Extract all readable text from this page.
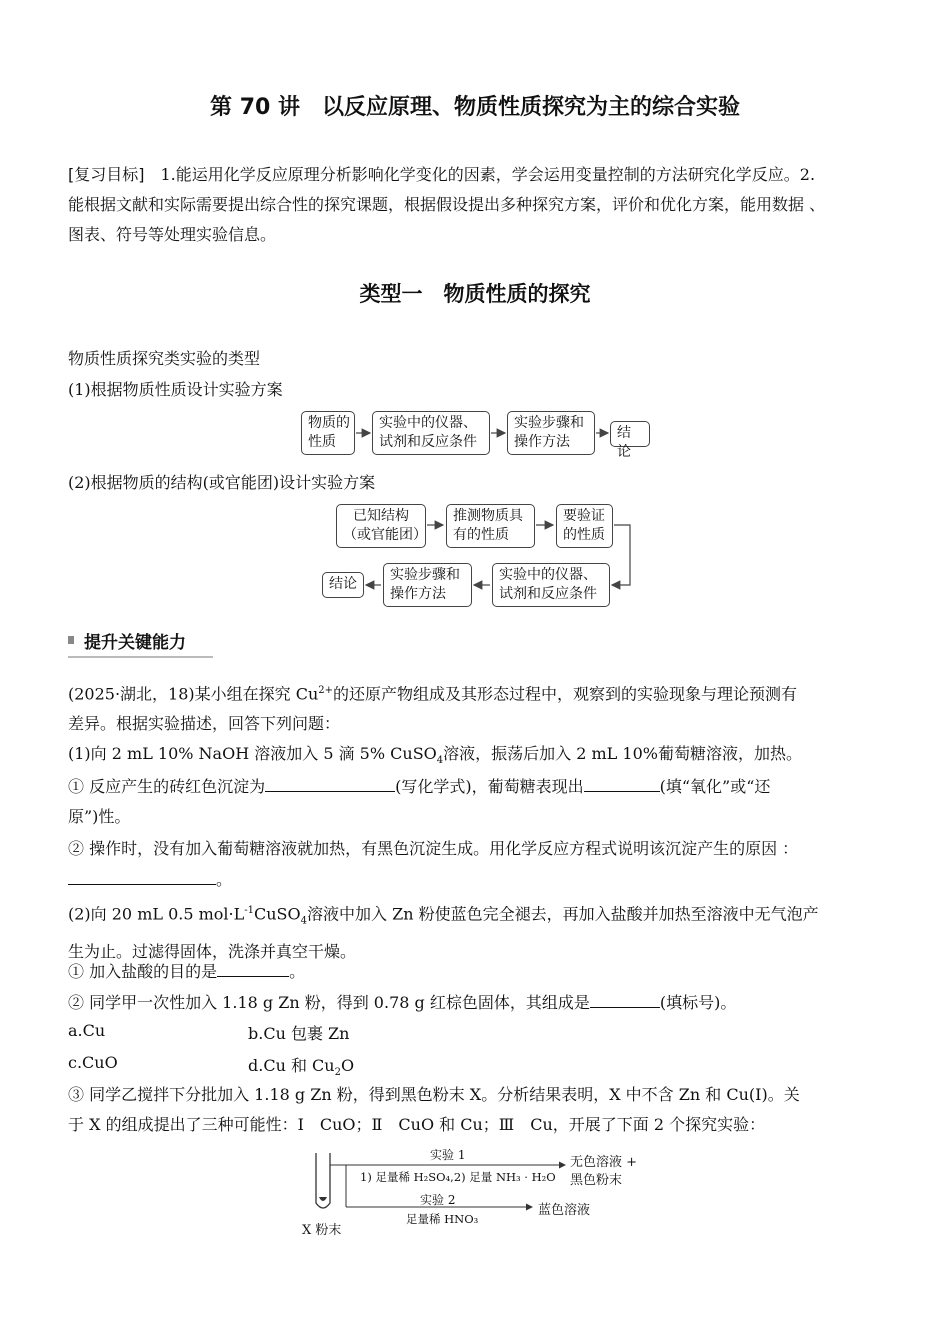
第 70 讲　以反应原理、物质性质探究为主的综合实验
[复习目标]　1.能运用化学反应原理分析影响化学变化的因素，学会运用变量控制的方法研究化学反应。2.
能根据文献和实际需要提出综合性的探究课题，根据假设提出多种探究方案，评价和优化方案，能用数据 、
图表、符号等处理实验信息。
类型一　物质性质的探究
物质性质探究类实验的类型
(1)根据物质性质设计实验方案
物质的
性质
实验中的仪器、
试剂和反应条件
实验步骤和
操作方法
结论
(2)根据物质的结构(或官能团)设计实验方案
已知结构
（或官能团）
推测物质具
有的性质
要验证
的性质
实验中的仪器、
试剂和反应条件
实验步骤和
操作方法
结论
提升关键能力
(2025·湖北，18)某小组在探究 $Cu^{2+}$的还原产物组成及其形态过程中，观察到的实验现象与理论预测有
差异。根据实验描述，回答下列问题：
(1)向 2 mL 10% NaOH 溶液加入 5 滴 5% CuSO$_4$溶液，振荡后加入 2 mL 10%葡萄糖溶液，加热。
① 反应产生的砖红色沉淀为	(写化学式)，葡萄糖表现出	(填“氧化”或“还
原”)性。
② 操作时，没有加入葡萄糖溶液就加热，有黑色沉淀生成。用化学反应方程式说明该沉淀产生的原因 ：
。
(2)向 20 mL 0.5 $mol\cdot L^{-1}CuSO_4$溶液中加入 Zn 粉使蓝色完全褪去，再加入盐酸并加热至溶液中无气泡产
生为止。过滤得固体，洗涤并真空干燥。
① 加入盐酸的目的是	。
② 同学甲一次性加入 1.18 g Zn 粉，得到 0.78 g 红棕色固体，其组成是	(填标号)。
a.Cu	b.Cu 包裹 Zn
c.CuO	d.Cu 和 $Cu_2O$
③ 同学乙搅拌下分批加入 1.18 g Zn 粉，得到黑色粉末 X。分析结果表明，X 中不含 Zn 和 Cu(Ⅰ)。关
于 X 的组成提出了三种可能性：Ⅰ　CuO；Ⅱ　CuO 和 Cu；Ⅲ　Cu，开展了下面 2 个探究实验：
实验 1
1) 足量稀 H₂SO₄,2) 足量 NH₃ · H₂O
无色溶液 +
黑色粉末
实验 2
足量稀 HNO₃
蓝色溶液
X 粉末
